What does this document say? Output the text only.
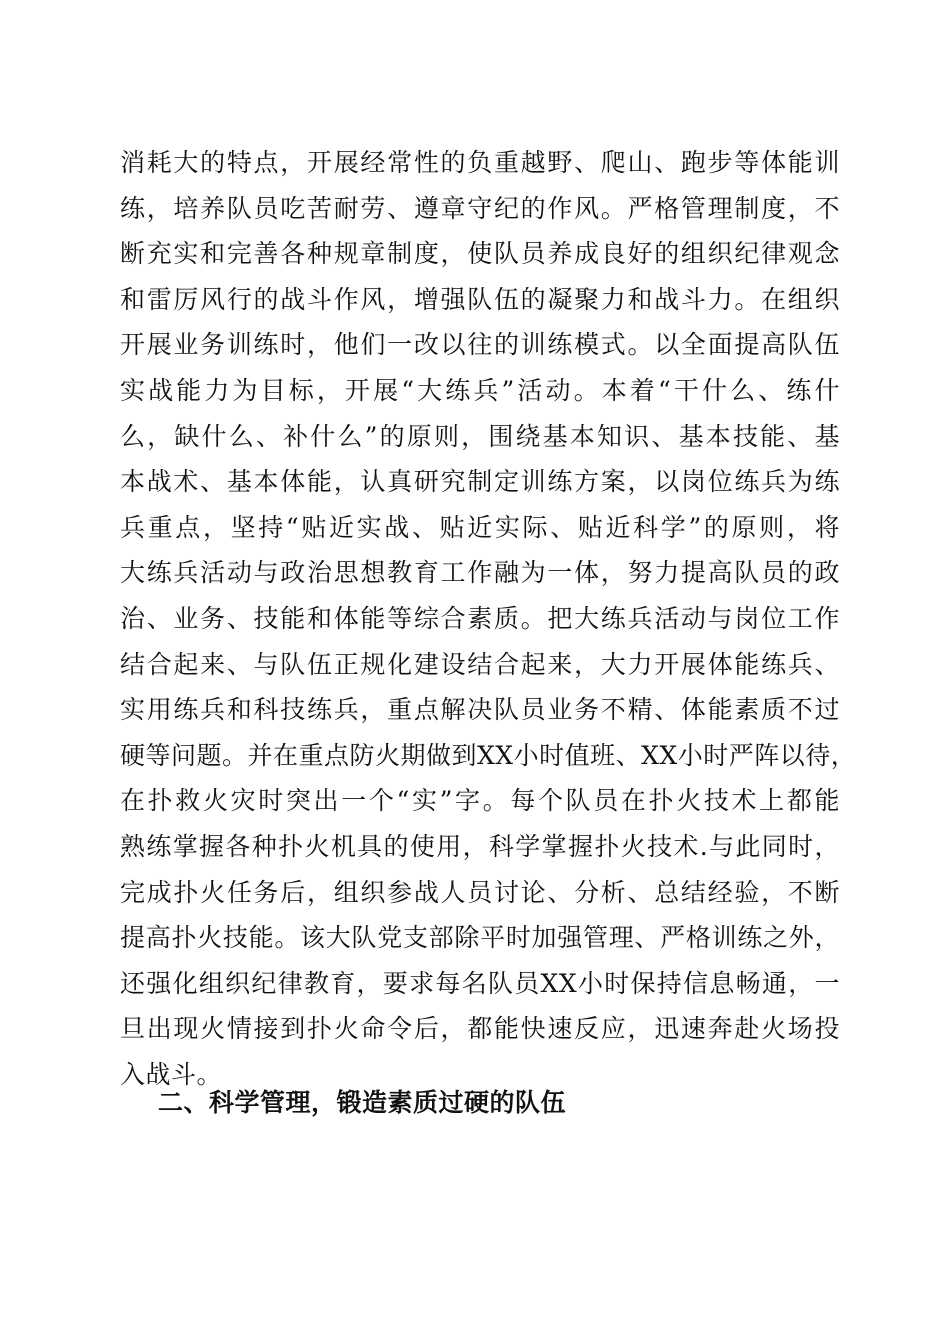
消耗大的特点，开展经常性的负重越野、爬山、跑步等体能训
练，培养队员吃苦耐劳、遵章守纪的作风。严格管理制度，不
断充实和完善各种规章制度，使队员养成良好的组织纪律观念
和雷厉风行的战斗作风，增强队伍的凝聚力和战斗力。在组织
开展业务训练时，他们一改以往的训练模式。以全面提高队伍
实战能力为目标，开展“大练兵”活动。本着“干什么、练什
么，缺什么、补什么”的原则，围绕基本知识、基本技能、基
本战术、基本体能，认真研究制定训练方案，以岗位练兵为练
兵重点，坚持“贴近实战、贴近实际、贴近科学”的原则，将
大练兵活动与政治思想教育工作融为一体，努力提高队员的政
治、业务、技能和体能等综合素质。把大练兵活动与岗位工作
结合起来、与队伍正规化建设结合起来，大力开展体能练兵、
实用练兵和科技练兵，重点解决队员业务不精、体能素质不过
硬等问题。并在重点防火期做到XX小时值班、XX小时严阵以待，
在扑救火灾时突出一个“实”字。每个队员在扑火技术上都能
熟练掌握各种扑火机具的使用，科学掌握扑火技术.与此同时，
完成扑火任务后，组织参战人员讨论、分析、总结经验，不断
提高扑火技能。该大队党支部除平时加强管理、严格训练之外，
还强化组织纪律教育，要求每名队员XX小时保持信息畅通，一
旦出现火情接到扑火命令后，都能快速反应，迅速奔赴火场投
入战斗。
二、科学管理，锻造素质过硬的队伍
